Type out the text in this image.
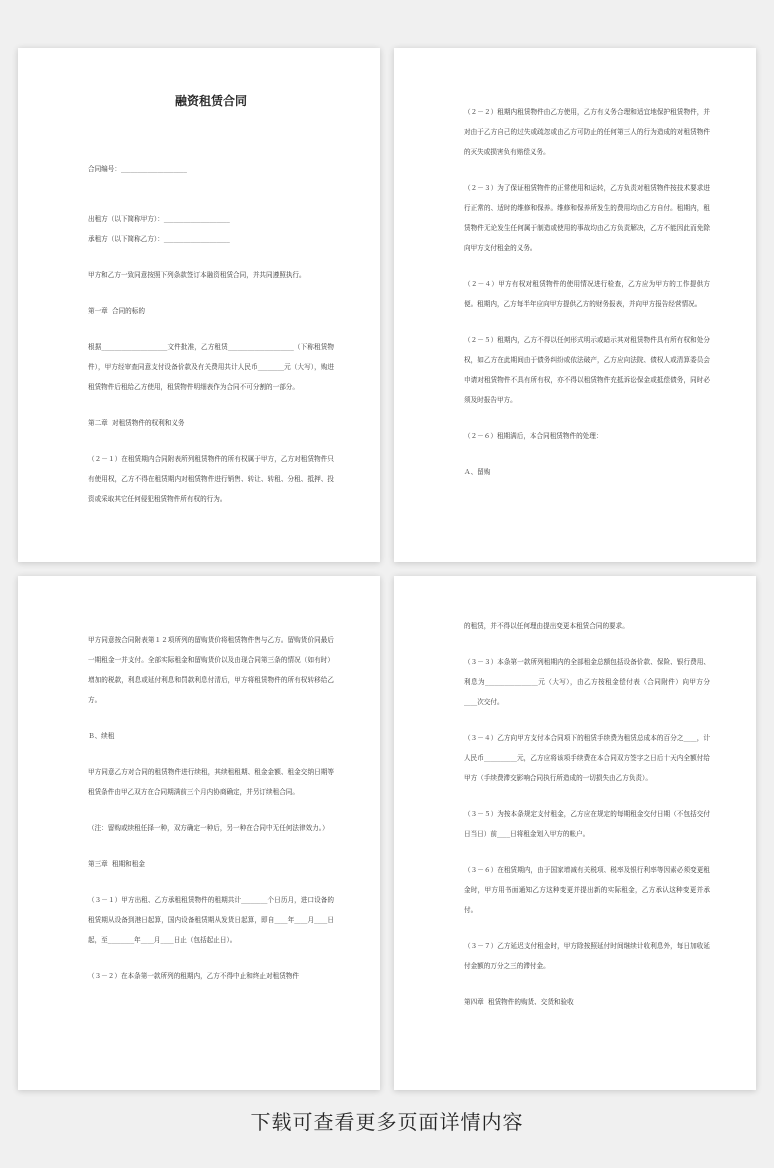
融资租赁合同
合同编号：____________________
出租方（以下简称甲方）：____________________
承租方（以下简称乙方）：____________________
甲方和乙方一致同意按照下列条款签订本融资租赁合同，并共同遵照执行。
第一章  合同的标的
根据____________________文件批准，乙方租赁____________________（下称租赁物件），甲方经审查同意支付设备价款及有关费用共计人民币________元（大写），购进租赁物件后租给乙方使用，租赁物件明细表作为合同不可分割的一部分。
第二章  对租赁物件的权利和义务
（２－１）在租赁期内合同附表所列租赁物件的所有权属于甲方，乙方对租赁物件只有使用权，乙方不得在租赁期内对租赁物件进行销售、转让、转租、分租、抵押、投资或采取其它任何侵犯租赁物件所有权的行为。
（２－２）租期内租赁物件由乙方使用，乙方有义务合理和适宜地保护租赁物件，并对由于乙方自己的过失或疏忽或由乙方可防止的任何第三人的行为造成的对租赁物件的灭失或损害负有赔偿义务。
（２－３）为了保证租赁物件的正常使用和运转，乙方负责对租赁物件按技术要求进行正常的、适时的维修和保养。维修和保养所发生的费用均由乙方自付。租期内，租赁物件无论发生任何属于制造或使用的事故均由乙方负责解决，乙方不能因此而免除向甲方支付租金的义务。
（２－４）甲方有权对租赁物件的使用情况进行检查，乙方应为甲方的工作提供方便。租期内，乙方每半年应向甲方提供乙方的财务报表，并向甲方报告经营情况。
（２－５）租期内，乙方不得以任何形式明示或暗示其对租赁物件具有所有权和处分权，如乙方在此期间由于债务纠纷或依法破产，乙方应向法院、债权人或清算委员会申请对租赁物件不具有所有权，亦不得以租赁物件充抵诉讼保金或抵偿债务，同时必须及时报告甲方。
（２－６）租期满后，本合同租赁物件的处理：
Ａ、留购
甲方同意按合同附表第１２项所列的留购货价将租赁物件售与乙方。留购货价同最后一期租金一并支付。全部实际租金和留购货价以及由现合同第三条的情况（如有时）增加的税款，利息或延付利息和罚款利息付清后，甲方将租赁物件的所有权转移给乙方。
Ｂ、续租
甲方同意乙方对合同的租赁物件进行续租，其续租租期、租金金额、租金交纳日期等租赁条件由甲乙双方在合同期满前三个月内协商确定，并另订续租合同。
（注：留购或续租任择一种，双方确定一种后，另一种在合同中无任何法律效力。）
第三章  租期和租金
（３－１）甲方出租、乙方承租租赁物件的租期共计________个日历月，进口设备的租赁期从设备到港日起算，国内设备租赁期从发货日起算，即自____年____月____日起，至________年____月____日止（包括起止日）。
（３－２）在本条第一款所列的租期内，乙方不得中止和终止对租赁物件
的租赁，并不得以任何理由提出变更本租赁合同的要求。
（３－３）本条第一款所列租期内的全部租金总额包括设备价款、保险、银行费用、利息为________________元（大写），由乙方按租金偿付表（合同附件）向甲方分____次交付。
（３－４）乙方向甲方支付本合同项下的租赁手续费为租赁总成本的百分之____，计人民币__________元，乙方应将该项手续费在本合同双方签字之日后十天内全额付给甲方（手续费滞交影响合同执行所造成的一切损失由乙方负责）。
（３－５）为按本条规定支付租金，乙方应在规定的每期租金交付日期（不包括交付日当日）前____日将租金划入甲方的帐户。
（３－６）在租赁期内，由于国家增减有关税项、税率及银行利率等因素必须变更租金时，甲方用书面通知乙方这种变更并提出新的实际租金，乙方承认这种变更并承付。
（３－７）乙方延迟支付租金时，甲方除按照延付时间继续计收利息外，每日加收延付金额的万分之三的滞付金。
第四章  租赁物件的购货、交货和验收
下载可查看更多页面详情内容
